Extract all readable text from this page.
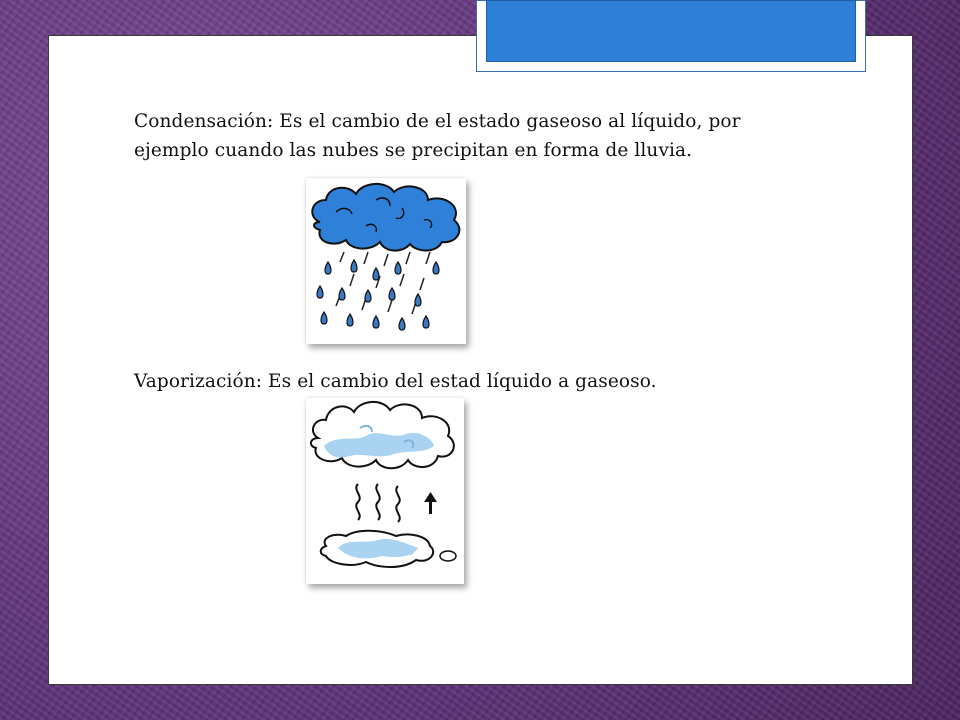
Condensación: Es el cambio de el estado gaseoso al líquido, por ejemplo cuando las nubes se precipitan en forma de lluvia.
Vaporización: Es el cambio del estad líquido a gaseoso.
